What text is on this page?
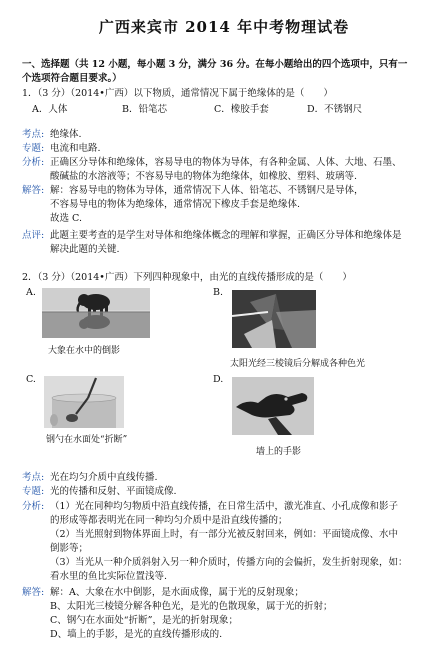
广西来宾市 2014 年中考物理试卷
一、选择题（共 12 小题，每小题 3 分，满分 36 分。在每小题给出的四个选项中，只有一
个选项符合题目要求。）
1．（3 分）（2014•广西）以下物质，通常情况下属于绝缘体的是（　　）
A．人体	B．铅笔芯	C．橡胶手套	D．不锈钢尺
考点: 绝缘体.
专题: 电流和电路.
分析: 正确区分导体和绝缘体，容易导电的物体为导体，有各种金属、人体、大地、石墨、
酸碱盐的水溶液等；不容易导电的物体为绝缘体，如橡胶、塑料、玻璃等.
解答: 解：容易导电的物体为导体，通常情况下人体、铅笔芯、不锈钢尺是导体，
不容易导电的物体为绝缘体，通常情况下橡皮手套是绝缘体.
故选 C.
点评: 此题主要考查的是学生对导体和绝缘体概念的理解和掌握，正确区分导体和绝缘体是
解决此题的关键.
2．（3 分）（2014•广西）下列四种现象中，由光的直线传播形成的是（　　）
A.
大象在水中的倒影
B.
太阳光经三棱镜后分解成各种色光
C.
钢勺在水面处“折断”
D.
墙上的手影
考点: 光在均匀介质中直线传播.
专题: 光的传播和反射、平面镜成像.
分析: （1）光在同种均匀物质中沿直线传播，在日常生活中，激光准直、小孔成像和影子
的形成等都表明光在同一种均匀介质中是沿直线传播的；
（2）当光照射到物体界面上时，有一部分光被反射回来，例如：平面镜成像、水中
倒影等；
（3）当光从一种介质斜射入另一种介质时，传播方向的会偏折，发生折射现象，如：
看水里的鱼比实际位置浅等.
解答: 解：A、大象在水中倒影，是水面成像，属于光的反射现象；
B、太阳光三棱镜分解各种色光，是光的色散现象，属于光的折射；
C、钢勺在水面处“折断”，是光的折射现象；
D、墙上的手影，是光的直线传播形成的.
